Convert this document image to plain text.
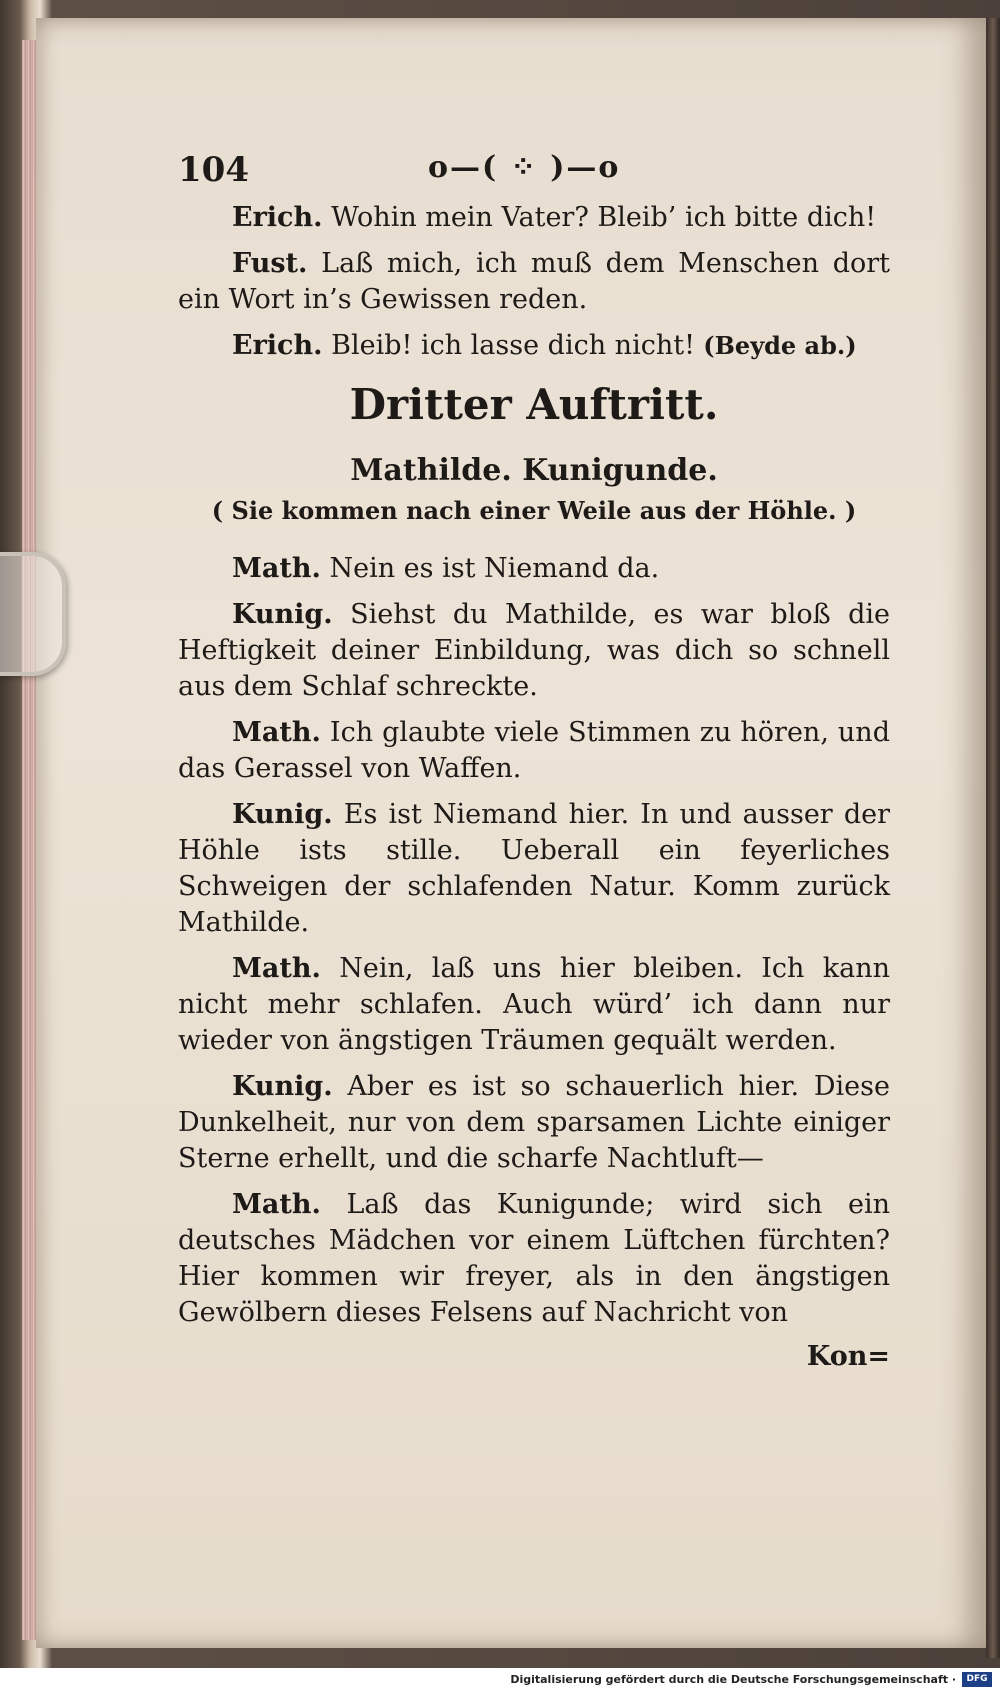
104	o—( ⁘ )—o

Erich. Wohin mein Vater? Bleib’ ich bitte dich!

Fust. Laß mich, ich muß dem Menschen dort ein Wort in’s Gewissen reden.

Erich. Bleib! ich lasse dich nicht! (Beyde ab.)

Dritter Auftritt.
Mathilde. Kunigunde.
( Sie kommen nach einer Weile aus der Höhle. )

Math. Nein es ist Niemand da.

Kunig. Siehst du Mathilde, es war bloß die Heftigkeit deiner Einbildung, was dich so schnell aus dem Schlaf schreckte.

Math. Ich glaubte viele Stimmen zu hören, und das Gerassel von Waffen.

Kunig. Es ist Niemand hier. In und ausser der Höhle ists stille. Ueberall ein feyerliches Schweigen der schlafenden Natur. Komm zurück Mathilde.

Math. Nein, laß uns hier bleiben. Ich kann nicht mehr schlafen. Auch würd’ ich dann nur wieder von ängstigen Träumen gequält werden.

Kunig. Aber es ist so schauerlich hier. Diese Dunkelheit, nur von dem sparsamen Lichte einiger Sterne erhellt, und die scharfe Nachtluft—

Math. Laß das Kunigunde; wird sich ein deutsches Mädchen vor einem Lüftchen fürchten? Hier kommen wir freyer, als in den ängstigen Gewölbern dieses Felsens auf Nachricht von

Kon=
Digitalisierung gefördert durch die Deutsche Forschungsgemeinschaft ·	DFG
